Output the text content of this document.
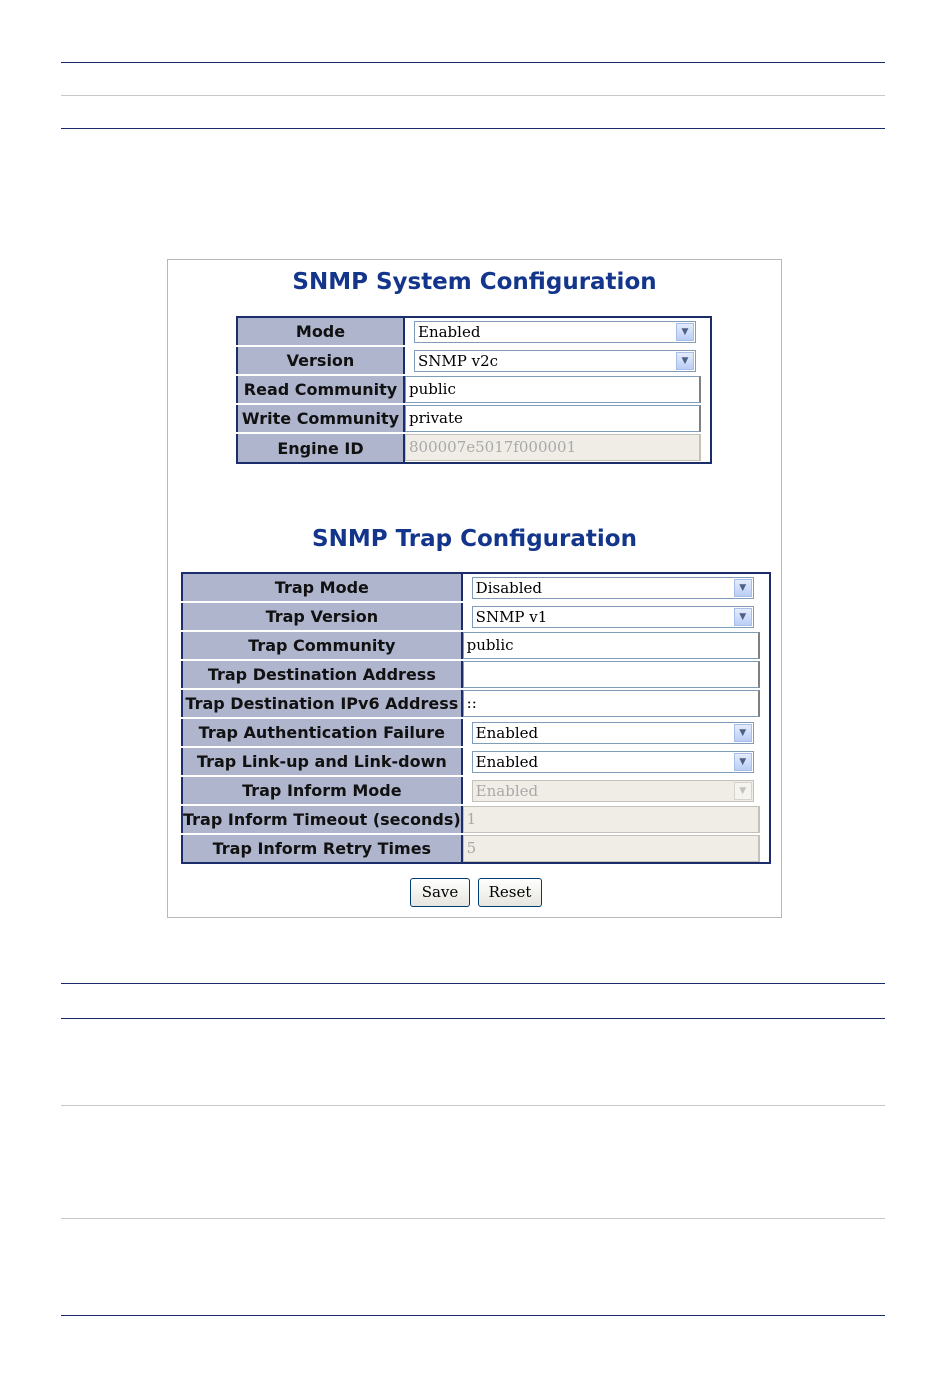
SNMP System Configuration
Mode	Enabled ▼

Version	SNMP v2c ▼

Read Community	public

Write Community	private

Engine ID	800007e5017f000001
SNMP Trap Configuration
Trap Mode	Disabled ▼

Trap Version	SNMP v1 ▼

Trap Community	public

Trap Destination Address	

Trap Destination IPv6 Address	::

Trap Authentication Failure	Enabled ▼

Trap Link-up and Link-down	Enabled ▼

Trap Inform Mode	Enabled ▼

Trap Inform Timeout (seconds)	1

Trap Inform Retry Times	5
Save	Reset
